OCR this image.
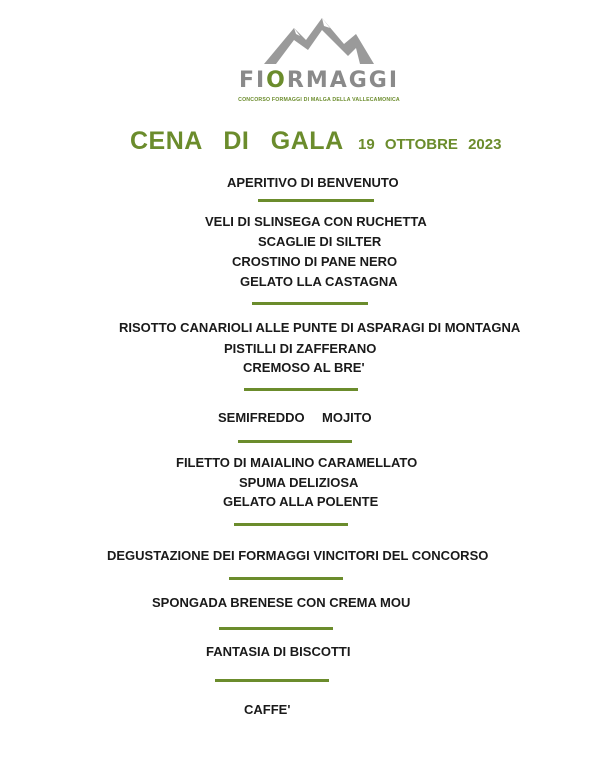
FIORMAGGI
CONCORSO FORMAGGI DI MALGA DELLA VALLECAMONICA
CENA DI GALA 19 OTTOBRE 2023
APERITIVO DI BENVENUTO
VELI DI SLINSEGA CON RUCHETTA
SCAGLIE DI SILTER
CROSTINO DI PANE NERO
GELATO LLA CASTAGNA
RISOTTO CANARIOLI ALLE PUNTE DI ASPARAGI DI MONTAGNA
PISTILLI DI ZAFFERANO
CREMOSO AL BRE'
SEMIFREDDO MOJITO
FILETTO DI MAIALINO CARAMELLATO
SPUMA DELIZIOSA
GELATO ALLA POLENTE
DEGUSTAZIONE DEI FORMAGGI VINCITORI DEL CONCORSO
SPONGADA BRENESE CON CREMA MOU
FANTASIA DI BISCOTTI
CAFFE'
